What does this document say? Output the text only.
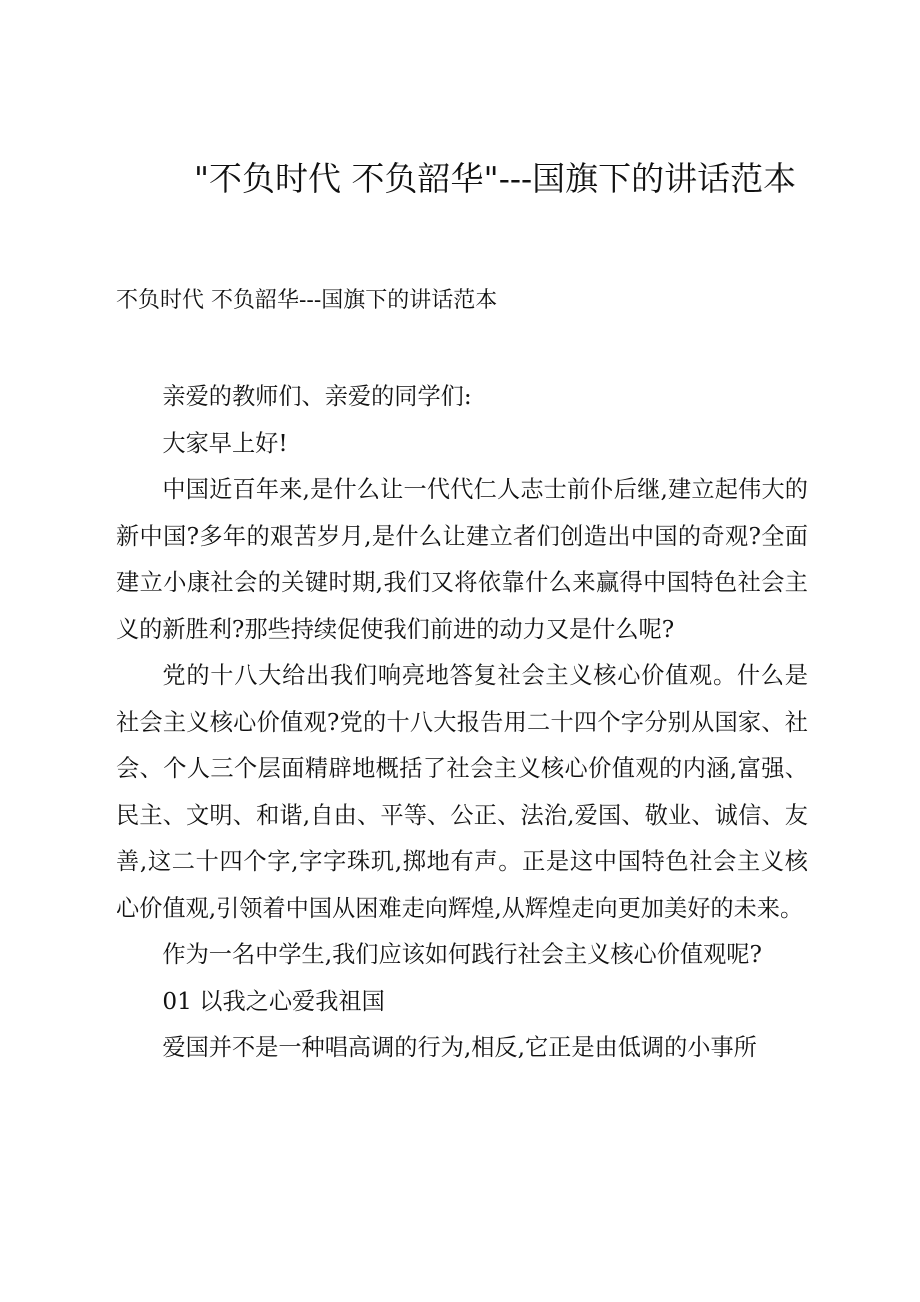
"不负时代 不负韶华"---国旗下的讲话范本
不负时代 不负韶华---国旗下的讲话范本

亲爱的教师们、亲爱的同学们:

大家早上好!

中国近百年来,是什么让一代代仁人志士前仆后继,建立起伟大的新中国?多年的艰苦岁月,是什么让建立者们创造出中国的奇观?全面建立小康社会的关键时期,我们又将依靠什么来赢得中国特色社会主义的新胜利?那些持续促使我们前进的动力又是什么呢?

党的十八大给出我们响亮地答复社会主义核心价值观。什么是社会主义核心价值观?党的十八大报告用二十四个字分别从国家、社会、个人三个层面精辟地概括了社会主义核心价值观的内涵,富强、民主、文明、和谐,自由、平等、公正、法治,爱国、敬业、诚信、友善,这二十四个字,字字珠玑,掷地有声。正是这中国特色社会主义核心价值观,引领着中国从困难走向辉煌,从辉煌走向更加美好的未来。

作为一名中学生,我们应该如何践行社会主义核心价值观呢?

01 以我之心爱我祖国

爱国并不是一种唱高调的行为,相反,它正是由低调的小事所
